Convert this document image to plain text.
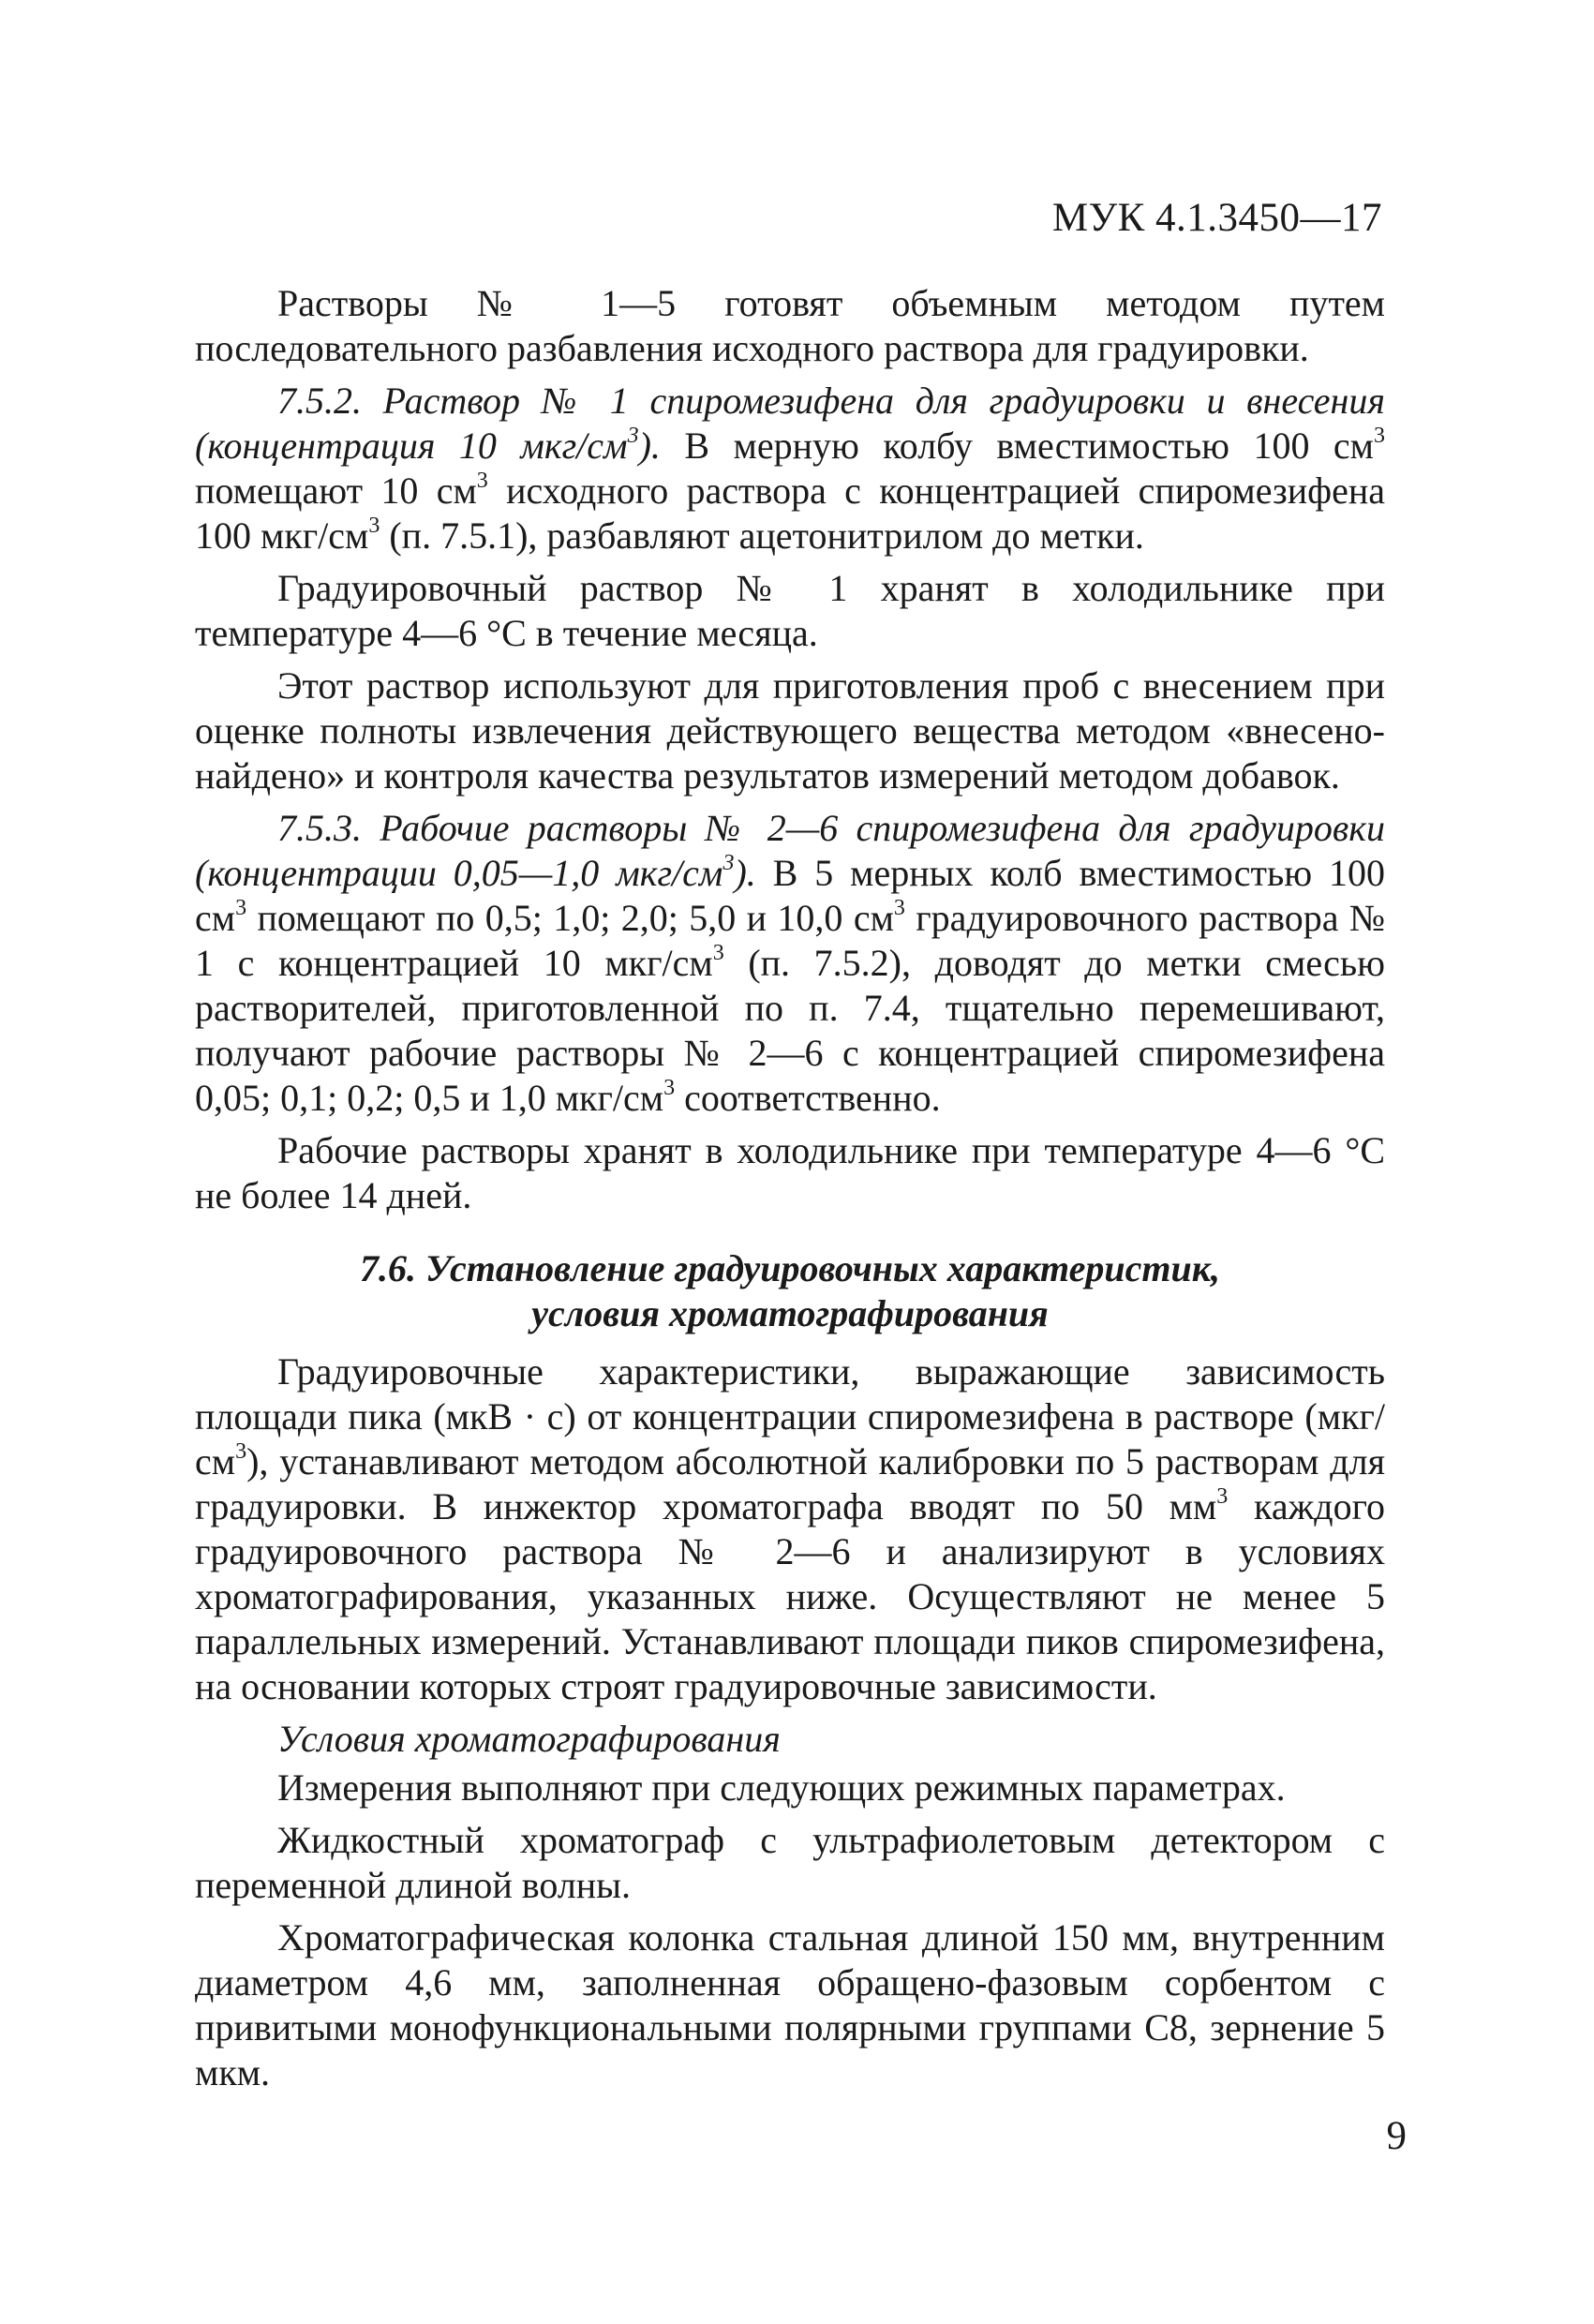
МУК 4.1.3450—17

Растворы № 1—5 готовят объемным методом путем последовательного разбавления исходного раствора для градуировки.

7.5.2. Раствор № 1 спиромезифена для градуировки и внесения (концентрация 10 мкг/$см^3$). В мерную колбу вместимостью 100 $см^3$ помещают 10 $см^3$ исходного раствора с концентрацией спиромезифена 100 мкг/$см^3$ (п. 7.5.1), разбавляют ацетонитрилом до метки.

Градуировочный раствор № 1 хранят в холодильнике при температуре 4—6 °С в течение месяца.

Этот раствор используют для приготовления проб с внесением при оценке полноты извлечения действующего вещества методом «внесено-найдено» и контроля качества результатов измерений методом добавок.

7.5.3. Рабочие растворы № 2—6 спиромезифена для градуировки (концентрации 0,05—1,0 мкг/$см^3$). В 5 мерных колб вместимостью 100 $см^3$ помещают по 0,5; 1,0; 2,0; 5,0 и 10,0 $см^3$ градуировочного раствора № 1 с концентрацией 10 мкг/$см^3$ (п. 7.5.2), доводят до метки смесью растворителей, приготовленной по п. 7.4, тщательно перемешивают, получают рабочие растворы № 2—6 с концентрацией спиромезифена 0,05; 0,1; 0,2; 0,5 и 1,0 мкг/$см^3$ соответственно.

Рабочие растворы хранят в холодильнике при температуре 4—6 °С не более 14 дней.

7.6. Установление градуировочных характеристик,
условия хроматографирования

Градуировочные характеристики, выражающие зависимость площади пика (мкВ · с) от концентрации спиромезифена в растворе $(мкг/см^3)$, устанавливают методом абсолютной калибровки по 5 растворам для градуировки. В инжектор хроматографа вводят по 50 $мм^3$ каждого градуировочного раствора № 2—6 и анализируют в условиях хроматографирования, указанных ниже. Осуществляют не менее 5 параллельных измерений. Устанавливают площади пиков спиромезифена, на основании которых строят градуировочные зависимости.

Условия хроматографирования

Измерения выполняют при следующих режимных параметрах.

Жидкостный хроматограф с ультрафиолетовым детектором с переменной длиной волны.

Хроматографическая колонка стальная длиной 150 мм, внутренним диаметром 4,6 мм, заполненная обращено-фазовым сорбентом с привитыми монофункциональными полярными группами С8, зернение 5 мкм.

9
